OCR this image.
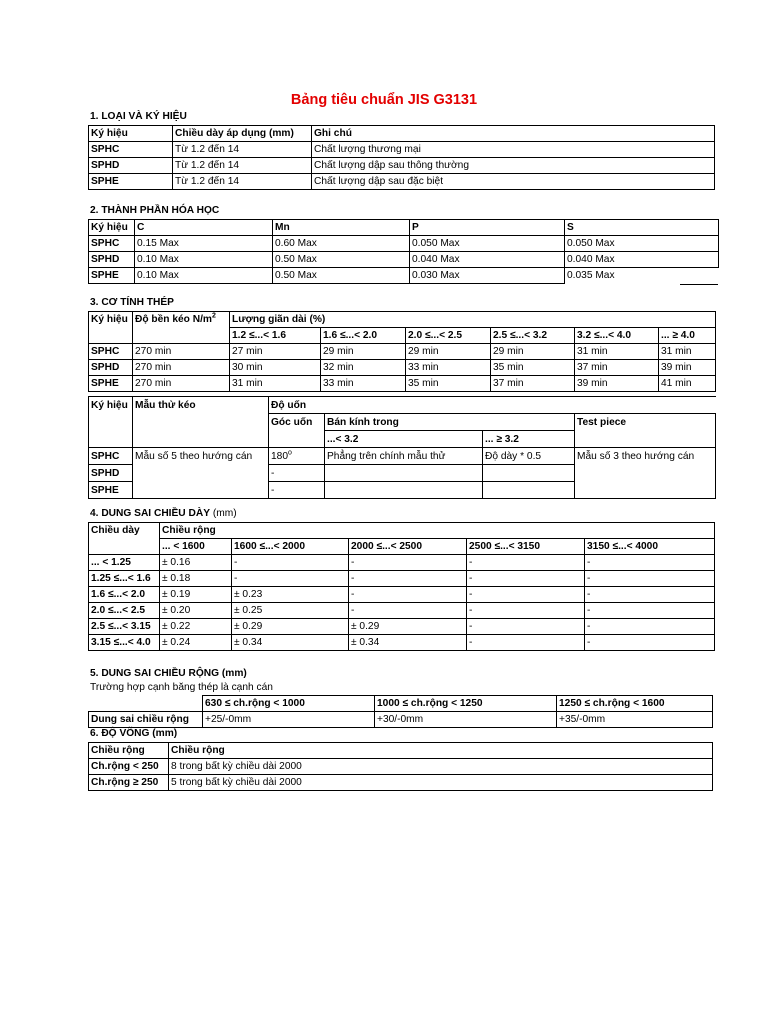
Bảng tiêu chuẩn JIS G3131
1. LOẠI VÀ KÝ HIỆU
Ký hiệu	Chiều dày áp dụng (mm)	Ghi chú
SPHC	Từ 1.2 đến 14	Chất lượng thương mại
SPHD	Từ 1.2 đến 14	Chất lượng dập sau thông thường
SPHE	Từ 1.2 đến 14	Chất lượng dập sau đặc biệt
2. THÀNH PHẦN HÓA HỌC
Ký hiệu	C	Mn	P	S
SPHC	0.15 Max	0.60 Max	0.050 Max	0.050 Max
SPHD	0.10 Max	0.50 Max	0.040 Max	0.040 Max
SPHE	0.10 Max	0.50 Max	0.030 Max	0.035 Max
3. CƠ TÍNH THÉP
Ký hiệu	Độ bền kéo $N/m^2$	Lượng giãn dài (%)					
		1.2 ≤...< 1.6	1.6 ≤...< 2.0	2.0 ≤...< 2.5	2.5 ≤...< 3.2	3.2 ≤...< 4.0	... ≥ 4.0
SPHC	270 min	27 min	29 min	29 min	29 min	31 min	31 min
SPHD	270 min	30 min	32 min	33 min	35 min	37 min	39 min
SPHE	270 min	31 min	33 min	35 min	37 min	39 min	41 min
Ký hiệu	Mẫu thử kéo	Độ uốn			
		Góc uốn	Bán kính trong		Test piece
			...< 3.2	... ≥ 3.2	
SPHC	Mẫu số 5 theo hướng cán	180$^o$	Phẳng trên chính mẫu thử	Độ dày * 0.5	Mẫu số 3 theo hướng cán
SPHD		-			
SPHE		-			
4. DUNG SAI CHIỀU DÀY (mm)
Chiều dày	Chiều rộng				
	... < 1600	1600 ≤...< 2000	2000 ≤...< 2500	2500 ≤...< 3150	3150 ≤...< 4000
... < 1.25	± 0.16	-	-	-	-
1.25 ≤...< 1.6	± 0.18	-	-	-	-
1.6 ≤...< 2.0	± 0.19	± 0.23	-	-	-
2.0 ≤...< 2.5	± 0.20	± 0.25	-	-	-
2.5 ≤...< 3.15	± 0.22	± 0.29	± 0.29	-	-
3.15 ≤...< 4.0	± 0.24	± 0.34	± 0.34	-	-
5. DUNG SAI CHIỀU RỘNG (mm)
Trường hợp cạnh băng thép là cạnh cán
	630 ≤ ch.rộng < 1000	1000 ≤ ch.rộng < 1250	1250 ≤ ch.rộng < 1600
Dung sai chiều rộng	+25/-0mm	+30/-0mm	+35/-0mm
6. ĐỘ VÕNG (mm)
Chiều rộng	Chiều rộng
Ch.rộng < 250	8 trong bất kỳ chiều dài 2000
Ch.rộng ≥ 250	5 trong bất kỳ chiều dài 2000
